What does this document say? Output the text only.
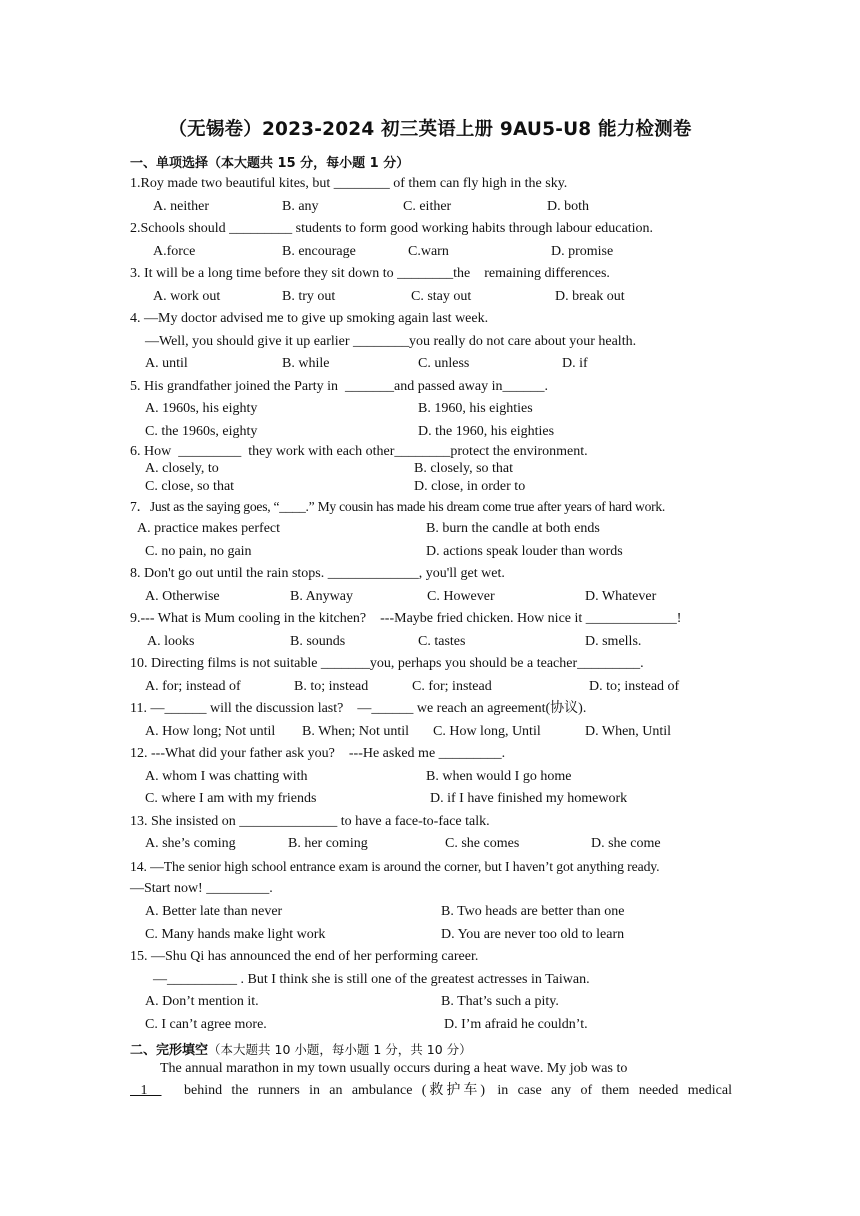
（无锡卷）2023-2024 初三英语上册 9AU5-U8 能力检测卷
一、单项选择（本大题共 15 分，每小题 1 分）
1.Roy made two beautiful kites, but ________ of them can fly high in the sky.
A. neither	B. any	C. either	D. both
2.Schools should _________ students to form good working habits through labour education.
A.force	B. encourage	C.warn	D. promise
3. It will be a long time before they sit down to ________the    remaining differences.
A. work out	B. try out	C. stay out	D. break out
4. —My doctor advised me to give up smoking again last week.
—Well, you should give it up earlier ________you really do not care about your health.
A. until	B. while	C. unless	D. if
5. His grandfather joined the Party in  _______and passed away in______.
A. 1960s, his eighty	B. 1960, his eighties
C. the 1960s, eighty	D. the 1960, his eighties
6. How  _________  they work with each other________protect the environment.
A. closely, to	B. closely, so that
C. close, so that	D. close, in order to
7．Just as the saying goes, “____.” My cousin has made his dream come true after years of hard work.
A. practice makes perfect	B. burn the candle at both ends
C. no pain, no gain	D. actions speak louder than words
8. Don't go out until the rain stops. _____________, you'll get wet.
A. Otherwise	B. Anyway	C. However	D. Whatever
9.--- What is Mum cooling in the kitchen?    ---Maybe fried chicken. How nice it _____________!
A. looks	B. sounds	C. tastes	D. smells.
10. Directing films is not suitable _______you, perhaps you should be a teacher_________.
A. for; instead of	B. to; instead	C. for; instead	D. to; instead of
11. —______ will the discussion last?    —______ we reach an agreement(协议).
A. How long; Not until B. When; Not until C. How long, Until	D. When, Until
12. ---What did your father ask you?    ---He asked me _________.
A. whom I was chatting with	B. when would I go home
C. where I am with my friends	D. if I have finished my homework
13. She insisted on ______________ to have a face-to-face talk.
A. she’s coming	B. her coming	C. she comes	D. she come
14. —The senior high school entrance exam is around the corner, but I haven’t got anything ready.
—Start now! _________.
A. Better late than never	B. Two heads are better than one
C. Many hands make light work	D. You are never too old to learn
15. —Shu Qi has announced the end of her performing career.
—__________ . But I think she is still one of the greatest actresses in Taiwan.
A. Don’t mention it.	B. That’s such a pity.
C. I can’t agree more.	D. I’m afraid he couldn’t.
二、完形填空（本大题共 10 小题，每小题 1 分，共 10 分）
The annual marathon in my town usually occurs during a heat wave. My job was to

1

behind the runners in an ambulance (救护车) in case any of them needed medical
